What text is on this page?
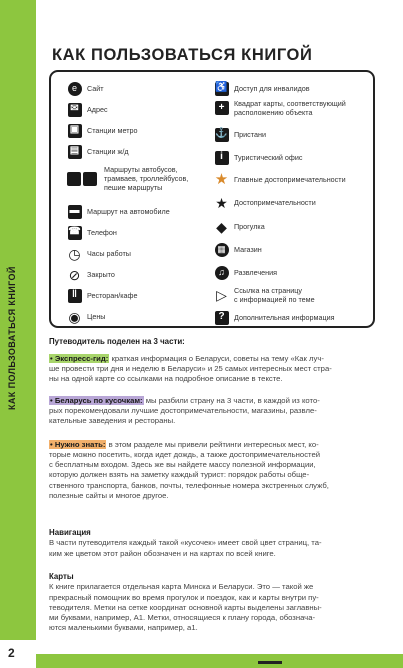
КАК ПОЛЬЗОВАТЬСЯ КНИГОЙ
2
КАК ПОЛЬЗОВАТЬСЯ КНИГОЙ
e	Сайт
✉	Адрес
▣	Станции метро
▤	Станции ж/д
Маршруты автобусов,
трамваев, троллейбусов,
пешие маршруты
▬ Маршрут на автомобиле
☎ Телефон
◷ Часы работы
⊘ Закрыто
‖	Ресторан/кафе
◉ Цены
♿ Доступ для инвалидов
+	Квадрат карты, соответствующий
расположению объекта
⚓ Пристани
i	Туристический офис
★ Главные достопримечательности
★ Достопримечательности
◆ Прогулка
▦	Магазин
♫	Развлечения
▷ Ссылка на страницу
с информацией по теме
?	Дополнительная информация

Путеводитель поделен на 3 части:

• Экспресс-гид: краткая информация о Беларуси, советы на тему «Как луч-

ше провести три дня и неделю в Беларуси» и 25 самых интересных мест стра-

ны на одной карте со ссылками на подробное описание в тексте.

• Беларусь по кусочкам: мы разбили страну на 3 части, в каждой из кото-

рых порекомендовали лучшие достопримечательности, магазины, развле-

кательные заведения и рестораны.

• Нужно знать: в этом разделе мы привели рейтинги интересных мест, ко-

торые можно посетить, когда идет дождь, а также достопримечательностей

с бесплатным входом. Здесь же вы найдете массу полезной информации,

которую должен взять на заметку каждый турист: порядок работы обще-

ственного транспорта, банков, почты, телефонные номера экстренных служб,

полезные сайты и многое другое.

Навигация

В части путеводителя каждый такой «кусочек» имеет свой цвет страниц, та-

ким же цветом этот район обозначен и на картах по всей книге.

Карты

К книге прилагается отдельная карта Минска и Беларуси. Это — такой же

прекрасный помощник во время прогулок и поездок, как и карты внутри пу-

теводителя. Метки на сетке координат основной карты выделены заглавны-

ми буквами, например, А1. Метки, относящиеся к плану города, обознача-

ются маленькими буквами, например, а1.
